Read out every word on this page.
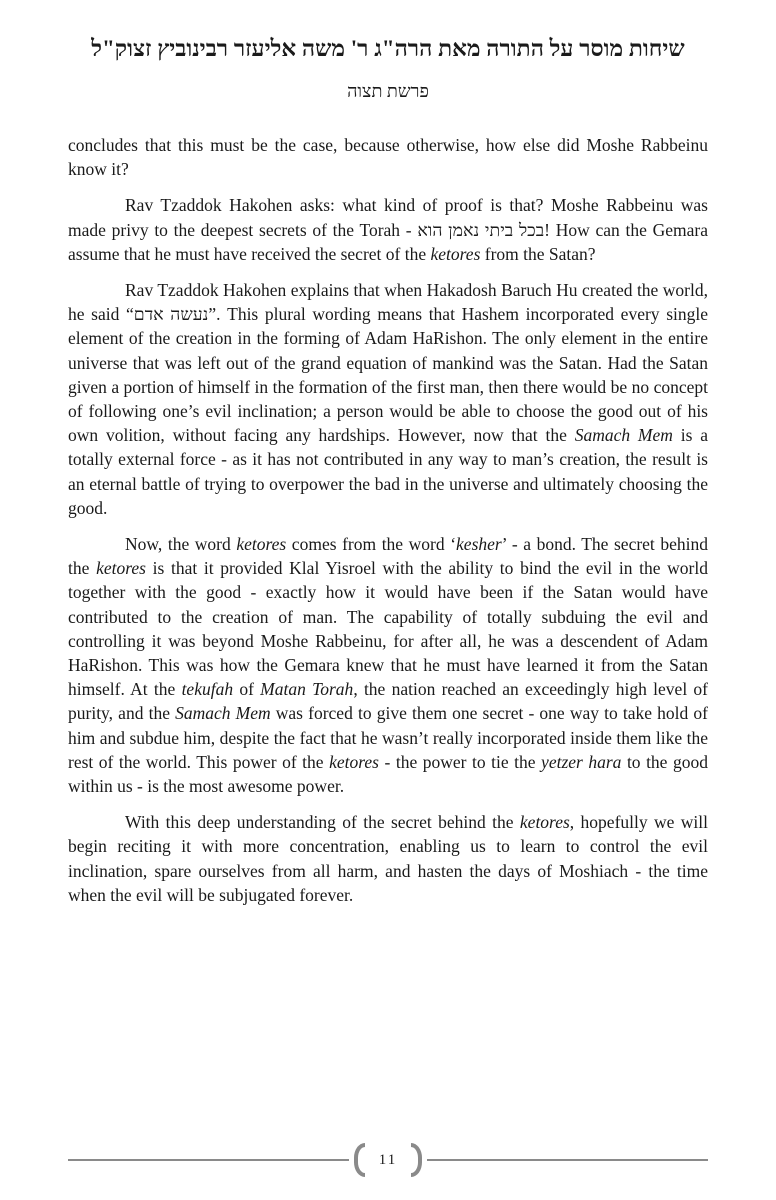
שיחות מוסר על התורה מאת הרה"ג ר' משה אליעזר רבינוביץ זצוק"ל
פרשת תצוה

concludes that this must be the case, because otherwise, how else did Moshe Rabbeinu know it?

Rav Tzaddok Hakohen asks: what kind of proof is that? Moshe Rabbeinu was made privy to the deepest secrets of the Torah - בכל ביתי נאמן הוא! How can the Gemara assume that he must have received the secret of the ketores from the Satan?

Rav Tzaddok Hakohen explains that when Hakadosh Baruch Hu created the world, he said “נעשה אדם”. This plural wording means that Hashem incorporated every single element of the creation in the forming of Adam HaRishon. The only element in the entire universe that was left out of the grand equation of mankind was the Satan. Had the Satan given a portion of himself in the formation of the first man, then there would be no concept of following one’s evil inclination; a person would be able to choose the good out of his own volition, without facing any hardships. However, now that the Samach Mem is a totally external force - as it has not contributed in any way to man’s creation, the result is an eternal battle of trying to overpower the bad in the universe and ultimately choosing the good.

Now, the word ketores comes from the word ‘kesher’ - a bond. The secret behind the ketores is that it provided Klal Yisroel with the ability to bind the evil in the world together with the good - exactly how it would have been if the Satan would have contributed to the creation of man. The capability of totally subduing the evil and controlling it was beyond Moshe Rabbeinu, for after all, he was a descendent of Adam HaRishon. This was how the Gemara knew that he must have learned it from the Satan himself. At the tekufah of Matan Torah, the nation reached an exceedingly high level of purity, and the Samach Mem was forced to give them one secret - one way to take hold of him and subdue him, despite the fact that he wasn’t really incorporated inside them like the rest of the world. This power of the ketores - the power to tie the yetzer hara to the good within us - is the most awesome power.

With this deep understanding of the secret behind the ketores, hopefully we will begin reciting it with more concentration, enabling us to learn to control the evil inclination, spare ourselves from all harm, and hasten the days of Moshiach - the time when the evil will be subjugated forever.

11
